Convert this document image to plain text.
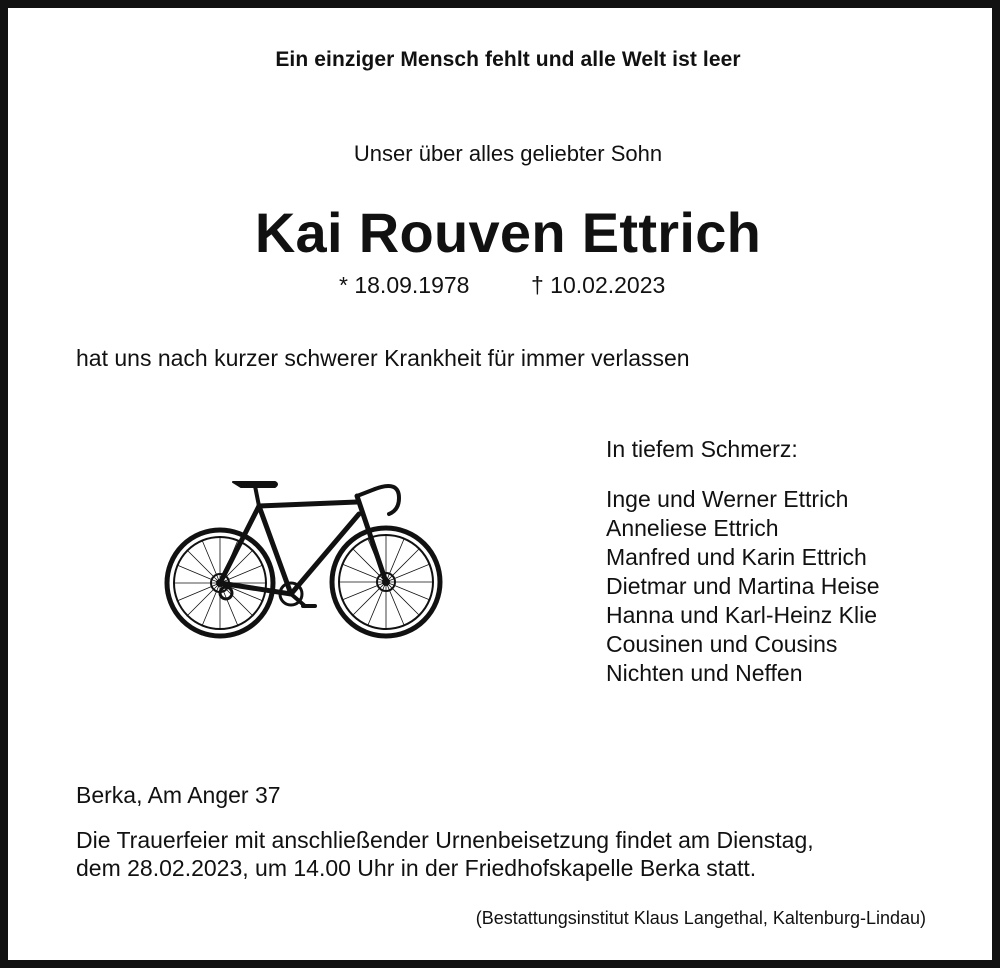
Ein einziger Mensch fehlt und alle Welt ist leer
Unser über alles geliebter Sohn
Kai Rouven Ettrich
* 18.09.1978	† 10.02.2023
hat uns nach kurzer schwerer Krankheit für immer verlassen
In tiefem Schmerz:
Inge und Werner Ettrich
Anneliese Ettrich
Manfred und Karin Ettrich
Dietmar und Martina Heise
Hanna und Karl-Heinz Klie
Cousinen und Cousins
Nichten und Neffen
Berka, Am Anger 37
Die Trauerfeier mit anschließender Urnenbeisetzung findet am Dienstag,
dem 28.02.2023, um 14.00 Uhr in der Friedhofskapelle Berka statt.
(Bestattungsinstitut Klaus Langethal, Kaltenburg-Lindau)
